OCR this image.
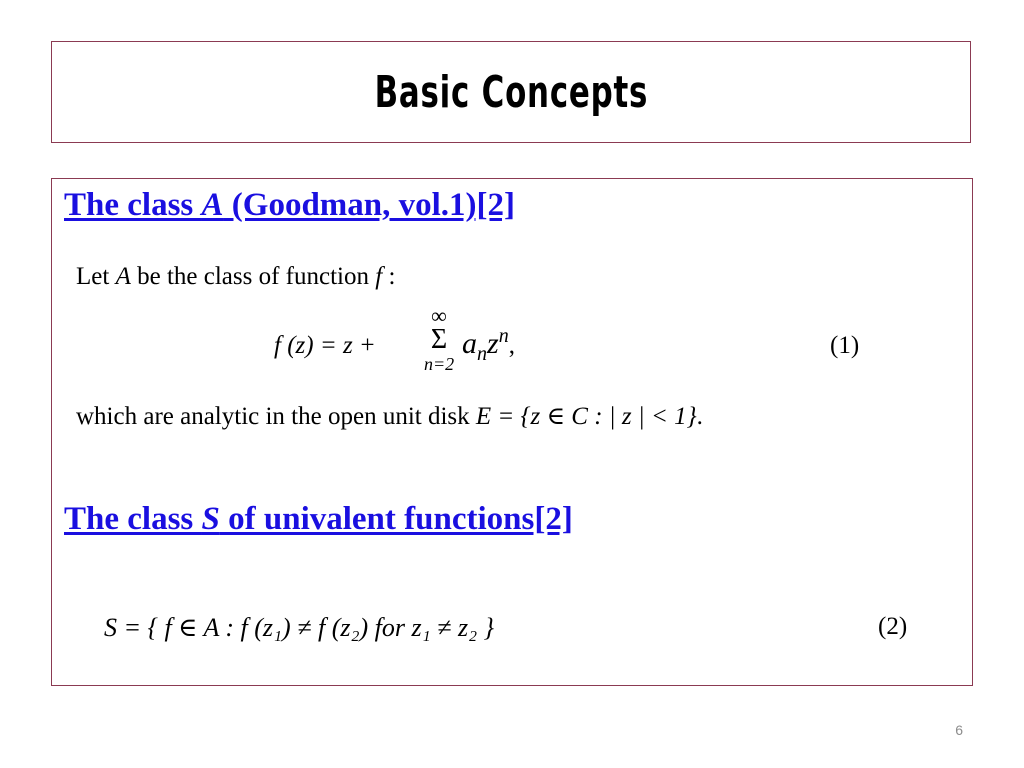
Basic Concepts
The class A (Goodman, vol.1)[2]
Let A be the class of function f :
f (z) = z +
∞
Σ
n=2
$a_nz^n$,	(1)
which are analytic in the open unit disk E = {z ∈ C : | z | < 1}.
The class S of univalent functions[2]
S = { f ∈ A : f (z₁) ≠ f (z₂) for z₁ ≠ z₂ }	(2)
6
